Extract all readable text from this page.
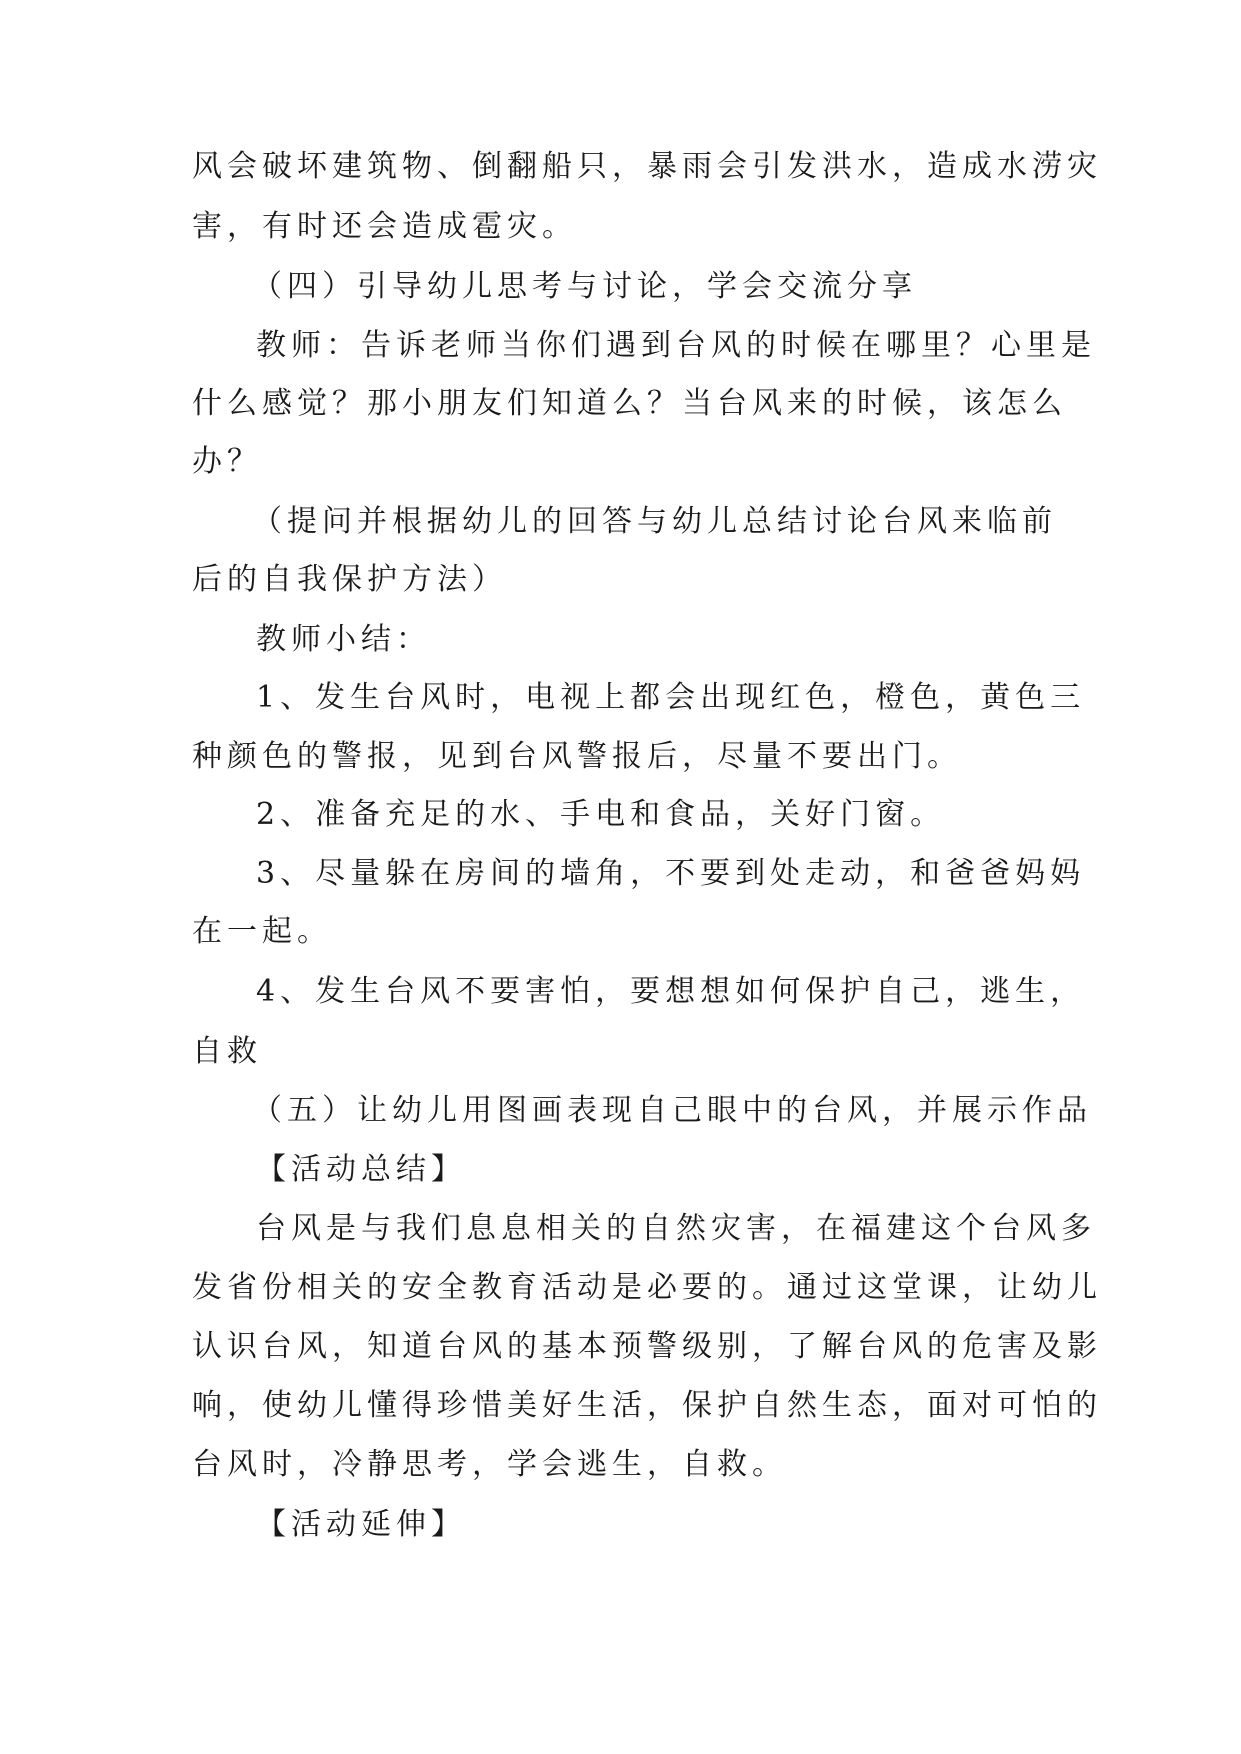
风会破坏建筑物、倒翻船只，暴雨会引发洪水，造成水涝灾

害，有时还会造成雹灾。

（四）引导幼儿思考与讨论，学会交流分享

教师：告诉老师当你们遇到台风的时候在哪里？心里是

什么感觉？那小朋友们知道么？当台风来的时候，该怎么

办？

（提问并根据幼儿的回答与幼儿总结讨论台风来临前

后的自我保护方法）

教师小结：

1、发生台风时，电视上都会出现红色，橙色，黄色三

种颜色的警报，见到台风警报后，尽量不要出门。

2、准备充足的水、手电和食品，关好门窗。

3、尽量躲在房间的墙角，不要到处走动，和爸爸妈妈

在一起。

4、发生台风不要害怕，要想想如何保护自己，逃生，

自救

（五）让幼儿用图画表现自己眼中的台风，并展示作品

【活动总结】

台风是与我们息息相关的自然灾害，在福建这个台风多

发省份相关的安全教育活动是必要的。通过这堂课，让幼儿

认识台风，知道台风的基本预警级别，了解台风的危害及影

响，使幼儿懂得珍惜美好生活，保护自然生态，面对可怕的

台风时，冷静思考，学会逃生，自救。

【活动延伸】
